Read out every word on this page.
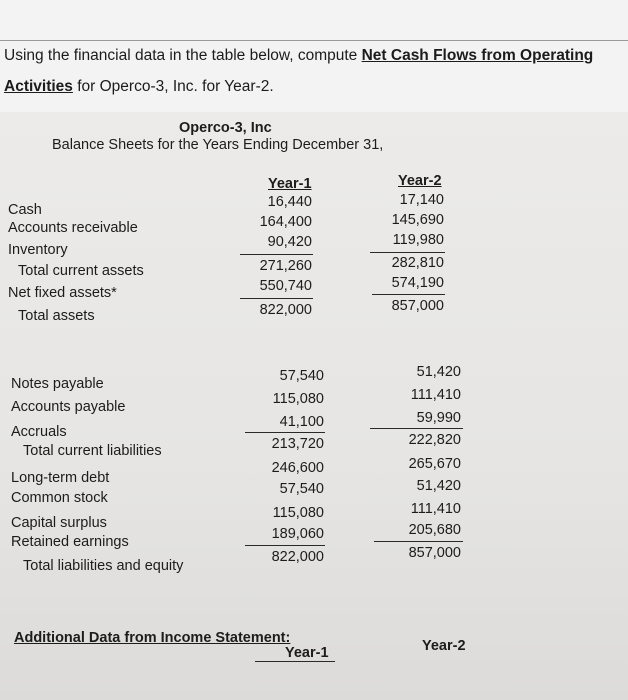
Using the financial data in the table below, compute Net Cash Flows from Operating
Activities for Operco-3, Inc. for Year-2.
Operco-3, Inc
Balance Sheets for the Years Ending December 31,
Year-1	Year-2
Cash
Accounts receivable
Inventory
Total current assets
Net fixed assets*
Total assets
16,440
164,400
90,420
271,260
550,740
822,000
17,140
145,690
119,980
282,810
574,190
857,000
Notes payable
Accounts payable
Accruals
Total current liabilities
Long-term debt
Common stock
Capital surplus
Retained earnings
Total liabilities and equity
57,540
115,080
41,100
213,720
246,600
57,540
115,080
189,060
822,000
51,420
111,410
59,990
222,820
265,670
51,420
111,410
205,680
857,000
Additional Data from Income Statement:
Year-1	Year-2
